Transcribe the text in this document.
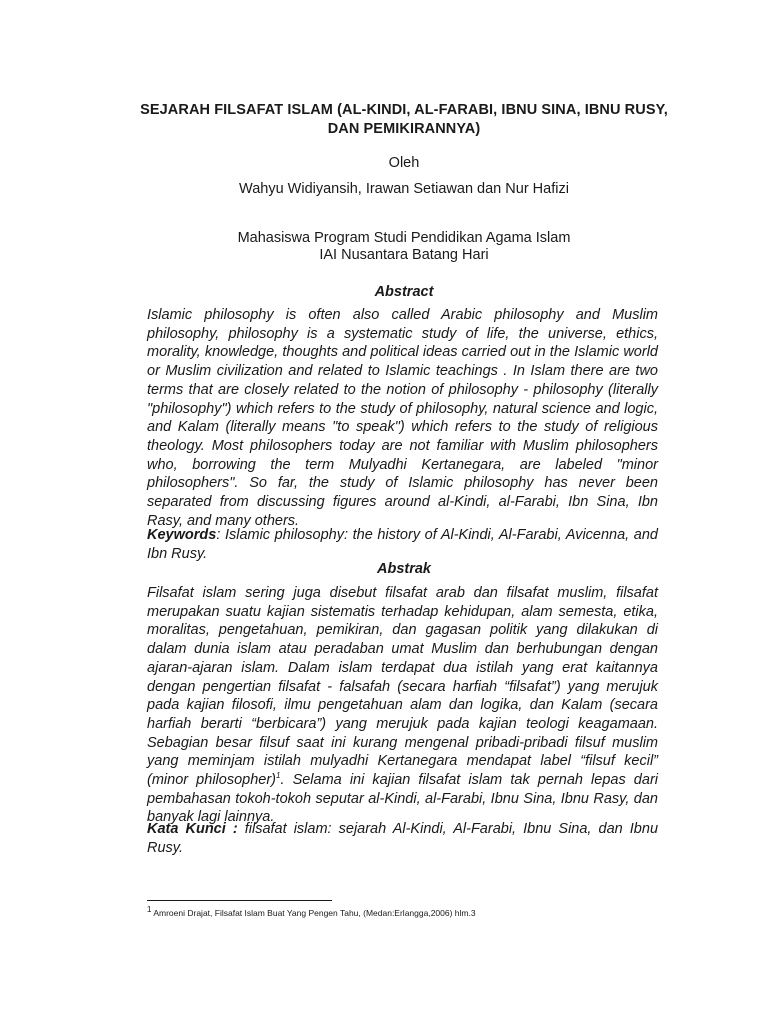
SEJARAH FILSAFAT ISLAM (AL-KINDI, AL-FARABI, IBNU SINA, IBNU RUSY, DAN PEMIKIRANNYA)
Oleh
Wahyu Widiyansih, Irawan Setiawan dan Nur Hafizi
Mahasiswa Program Studi Pendidikan Agama Islam
IAI Nusantara Batang Hari
Abstract

Islamic philosophy is often also called Arabic philosophy and Muslim philosophy, philosophy is a systematic study of life, the universe, ethics, morality, knowledge, thoughts and political ideas carried out in the Islamic world or Muslim civilization and related to Islamic teachings . In Islam there are two terms that are closely related to the notion of philosophy - philosophy (literally "philosophy") which refers to the study of philosophy, natural science and logic, and Kalam (literally means "to speak") which refers to the study of religious theology. Most philosophers today are not familiar with Muslim philosophers who, borrowing the term Mulyadhi Kertanegara, are labeled "minor philosophers". So far, the study of Islamic philosophy has never been separated from discussing figures around al-Kindi, al-Farabi, Ibn Sina, Ibn Rasy, and many others.

Keywords: Islamic philosophy: the history of Al-Kindi, Al-Farabi, Avicenna, and Ibn Rusy.

Abstrak

Filsafat islam sering juga disebut filsafat arab dan filsafat muslim, filsafat merupakan suatu kajian sistematis terhadap kehidupan, alam semesta, etika, moralitas, pengetahuan, pemikiran, dan gagasan politik yang dilakukan di dalam dunia islam atau peradaban umat Muslim dan berhubungan dengan ajaran-ajaran islam. Dalam islam terdapat dua istilah yang erat kaitannya dengan pengertian filsafat - falsafah (secara harfiah “filsafat”) yang merujuk pada kajian filosofi, ilmu pengetahuan alam dan logika, dan Kalam (secara harfiah berarti “berbicara”) yang merujuk pada kajian teologi keagamaan. Sebagian besar filsuf saat ini kurang mengenal pribadi-pribadi filsuf muslim yang meminjam istilah mulyadhi Kertanegara mendapat label “filsuf kecil” (minor philosopher)$^1$. Selama ini kajian filsafat islam tak pernah lepas dari pembahasan tokoh-tokoh seputar al-Kindi, al-Farabi, Ibnu Sina, Ibnu Rasy, dan banyak lagi lainnya.

Kata Kunci : filsafat islam: sejarah Al-Kindi, Al-Farabi, Ibnu Sina, dan Ibnu Rusy.

$^1$ Amroeni Drajat, Filsafat Islam Buat Yang Pengen Tahu, (Medan:Erlangga,2006) hlm.3
